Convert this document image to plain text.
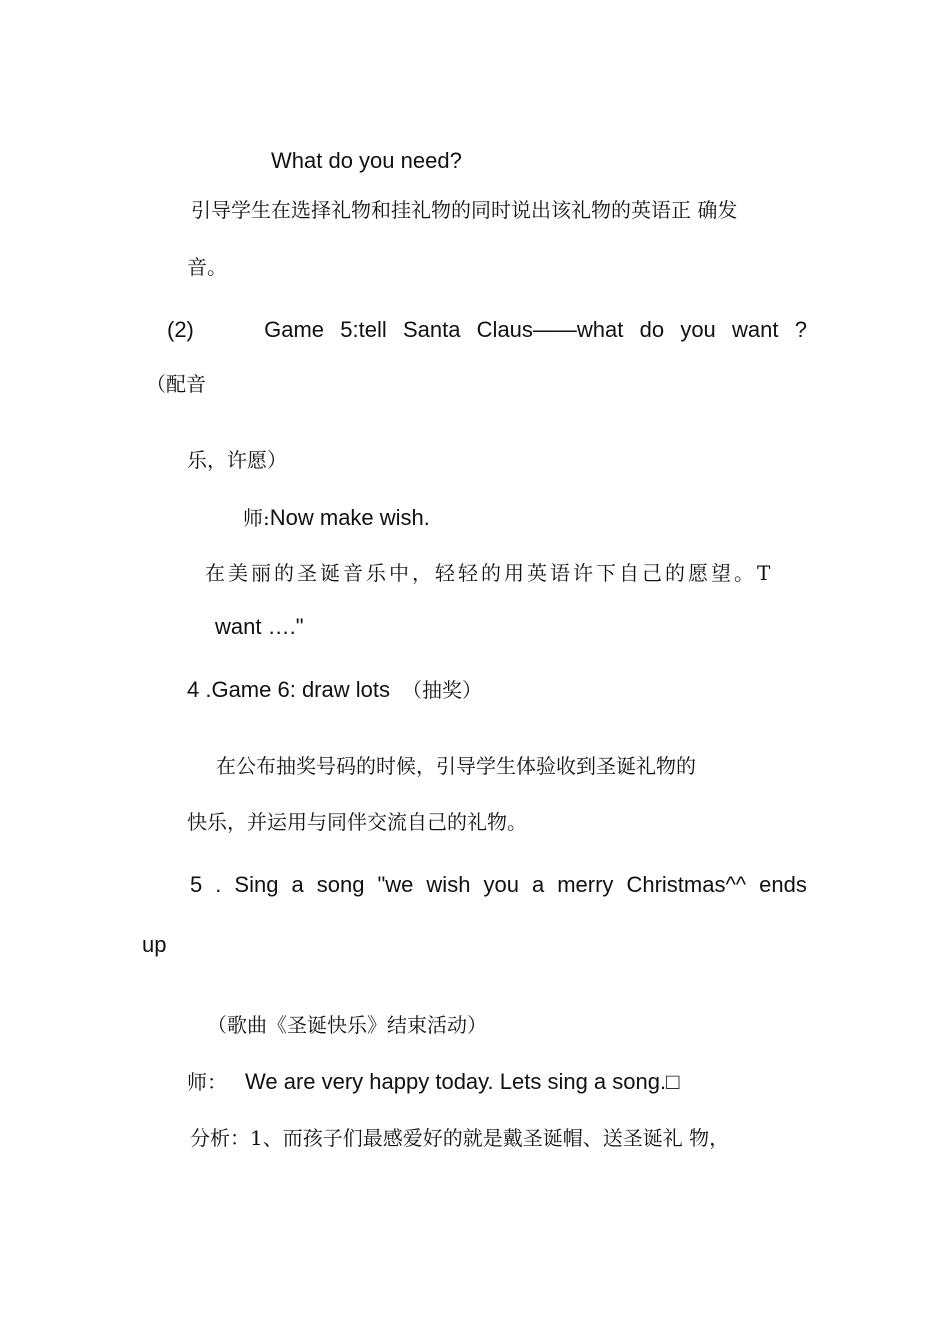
What do you need?
引导学生在选择礼物和挂礼物的同时说出该礼物的英语正 确发
音。
(2)	Game 5:tell Santa Claus——what do you want ?
（配音
乐，许愿）
师:Now make wish.
在美丽的圣诞音乐中，轻轻的用英语许下自己的愿望。T
want …."
4 .Game 6: draw lots （抽奖）
在公布抽奖号码的时候，引导学生体验收到圣诞礼物的
快乐，并运用与同伴交流自己的礼物。
5 . Sing a song "we wish you a merry Christmas^^ ends
up
（歌曲《圣诞快乐》结束活动）
师： We are very happy today. Lets sing a song.□
分析：1、而孩子们最感爱好的就是戴圣诞帽、送圣诞礼 物，
